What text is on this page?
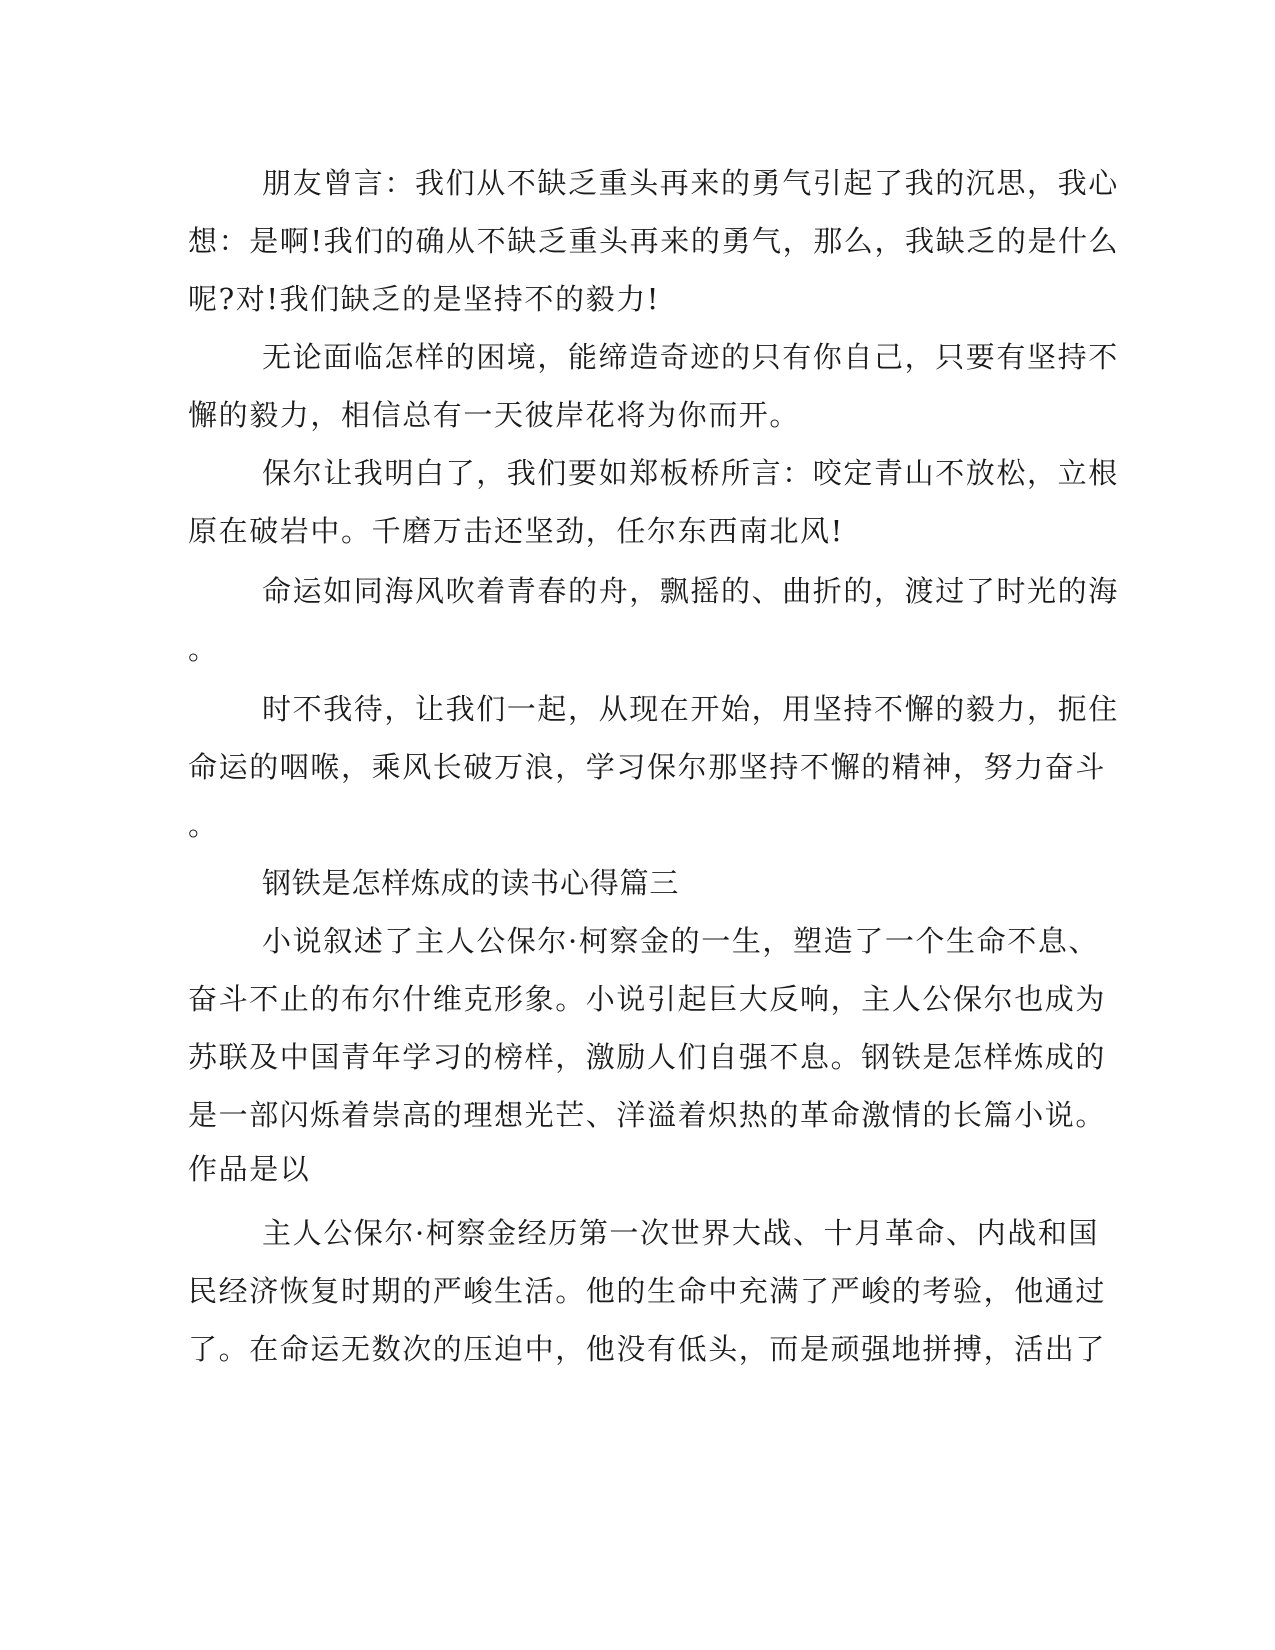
朋友曾言：我们从不缺乏重头再来的勇气引起了我的沉思，我心
想：是啊!我们的确从不缺乏重头再来的勇气，那么，我缺乏的是什么
呢?对!我们缺乏的是坚持不的毅力!
无论面临怎样的困境，能缔造奇迹的只有你自己，只要有坚持不
懈的毅力，相信总有一天彼岸花将为你而开。
保尔让我明白了，我们要如郑板桥所言：咬定青山不放松，立根
原在破岩中。千磨万击还坚劲，任尔东西南北风!
命运如同海风吹着青春的舟，飘摇的、曲折的，渡过了时光的海
。
时不我待，让我们一起，从现在开始，用坚持不懈的毅力，扼住
命运的咽喉，乘风长破万浪，学习保尔那坚持不懈的精神，努力奋斗
。
钢铁是怎样炼成的读书心得篇三
小说叙述了主人公保尔·柯察金的一生，塑造了一个生命不息、
奋斗不止的布尔什维克形象。小说引起巨大反响，主人公保尔也成为
苏联及中国青年学习的榜样，激励人们自强不息。钢铁是怎样炼成的
是一部闪烁着崇高的理想光芒、洋溢着炽热的革命激情的长篇小说。
作品是以
主人公保尔·柯察金经历第一次世界大战、十月革命、内战和国
民经济恢复时期的严峻生活。他的生命中充满了严峻的考验，他通过
了。在命运无数次的压迫中，他没有低头，而是顽强地拼搏，活出了
